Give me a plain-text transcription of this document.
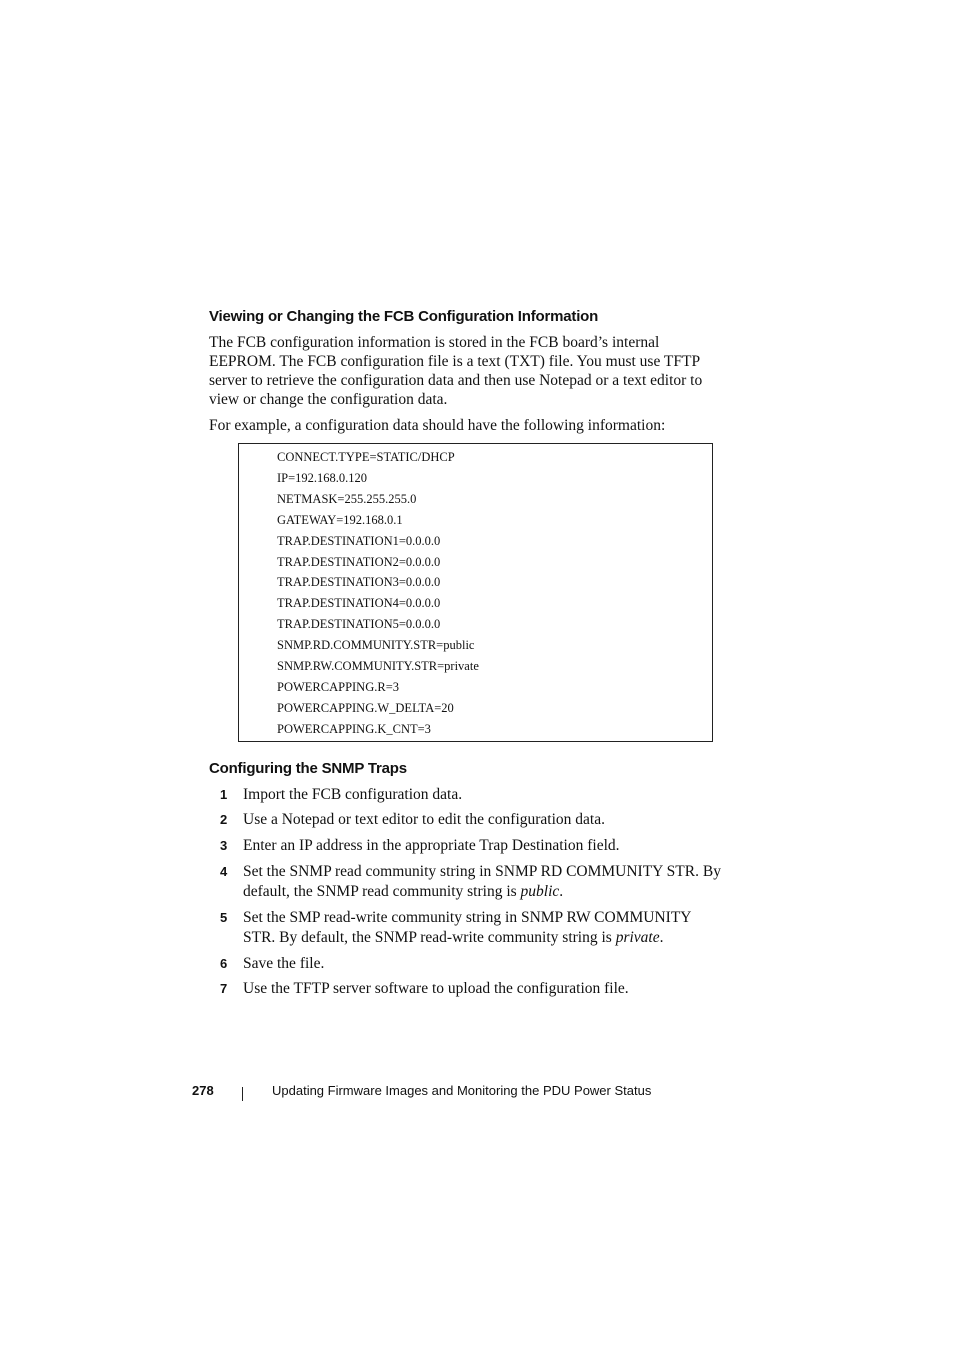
Viewing or Changing the FCB Configuration Information

The FCB configuration information is stored in the FCB board’s internal EEPROM. The FCB configuration file is a text (TXT) file. You must use TFTP server to retrieve the configuration data and then use Notepad or a text editor to view or change the configuration data.

For example, a configuration data should have the following information:

CONNECT.TYPE=STATIC/DHCP
IP=192.168.0.120
NETMASK=255.255.255.0
GATEWAY=192.168.0.1
TRAP.DESTINATION1=0.0.0.0
TRAP.DESTINATION2=0.0.0.0
TRAP.DESTINATION3=0.0.0.0
TRAP.DESTINATION4=0.0.0.0
TRAP.DESTINATION5=0.0.0.0
SNMP.RD.COMMUNITY.STR=public
SNMP.RW.COMMUNITY.STR=private
POWERCAPPING.R=3
POWERCAPPING.W_DELTA=20
POWERCAPPING.K_CNT=3
Configuring the SNMP Traps
1 Import the FCB configuration data.
2 Use a Notepad or text editor to edit the configuration data.
3 Enter an IP address in the appropriate Trap Destination field.
4 Set the SNMP read community string in SNMP RD COMMUNITY STR. By default, the SNMP read community string is public.
5 Set the SMP read-write community string in SNMP RW COMMUNITY STR. By default, the SNMP read-write community string is private.
6 Save the file.
7 Use the TFTP server software to upload the configuration file.
278	Updating Firmware Images and Monitoring the PDU Power Status
